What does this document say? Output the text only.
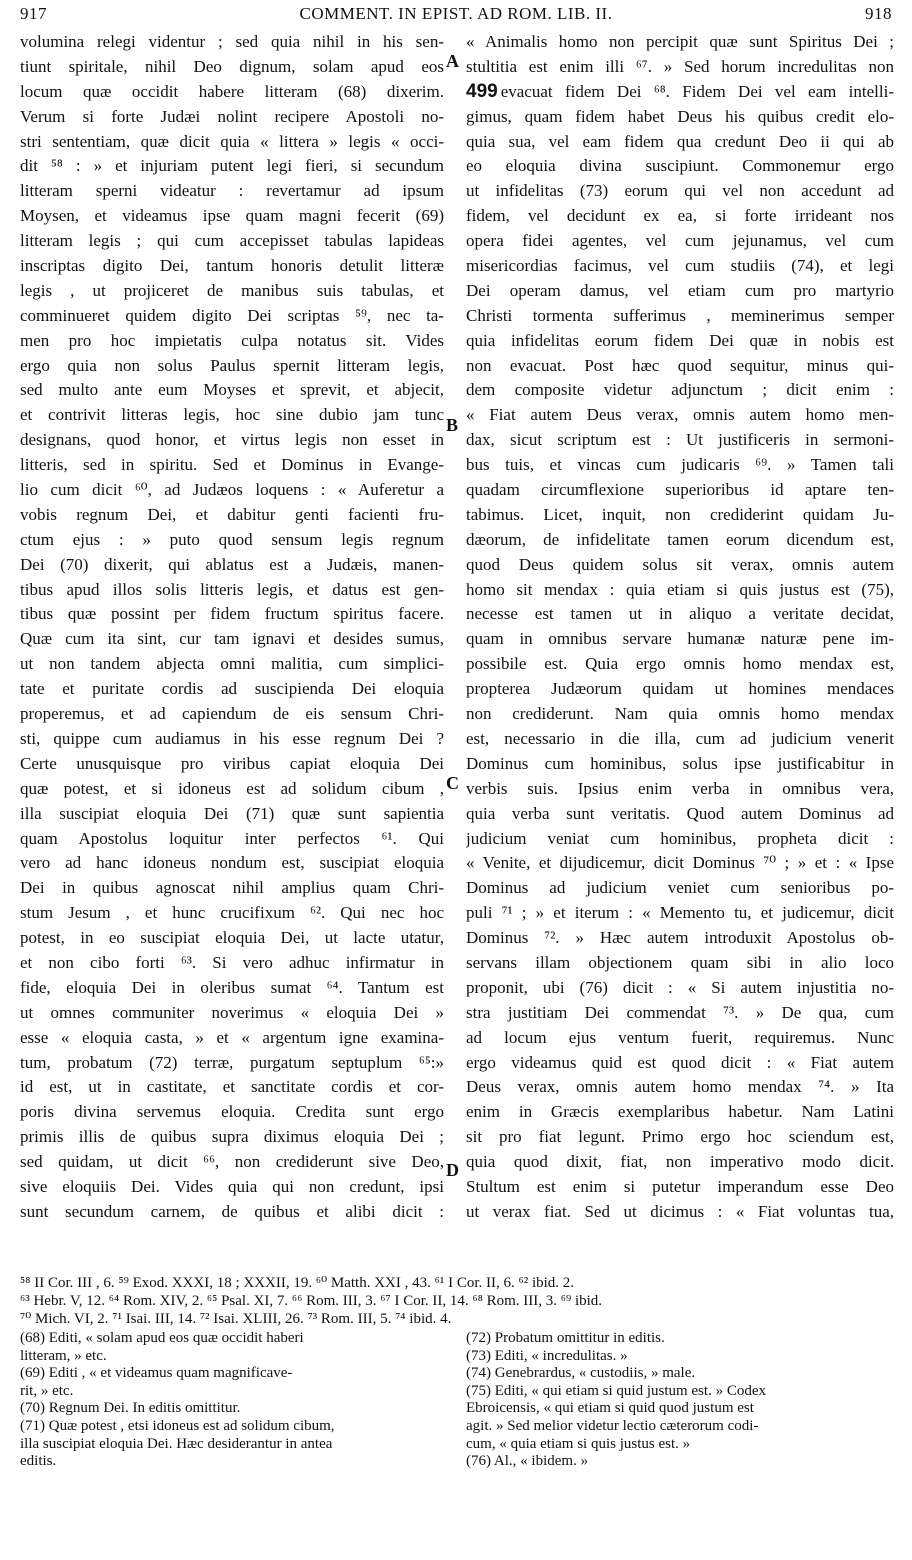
917	COMMENT. IN EPIST. AD ROM. LIB. II.	918
volumina relegi videntur ; sed quia nihil in his sen-
tiunt spiritale, nihil Deo dignum, solam apud eos
locum quæ occidit habere litteram (68) dixerim.
Verum si forte Judæi nolint recipere Apostoli no-
stri sententiam, quæ dicit quia « littera » legis « occi-
dit ⁵⁸ : » et injuriam putent legi fieri, si secundum
litteram sperni videatur : revertamur ad ipsum
Moysen, et videamus ipse quam magni fecerit (69)
litteram legis ; qui cum accepisset tabulas lapideas
inscriptas digito Dei, tantum honoris detulit litteræ
legis , ut projiceret de manibus suis tabulas, et
comminueret quidem digito Dei scriptas ⁵⁹, nec ta-
men pro hoc impietatis culpa notatus sit. Vides
ergo quia non solus Paulus spernit litteram legis,
sed multo ante eum Moyses et sprevit, et abjecit,
et contrivit litteras legis, hoc sine dubio jam tunc
designans, quod honor, et virtus legis non esset in
litteris, sed in spiritu. Sed et Dominus in Evange-
lio cum dicit ⁶⁰, ad Judæos loquens : « Auferetur a
vobis regnum Dei, et dabitur genti facienti fru-
ctum ejus : » puto quod sensum legis regnum
Dei (70) dixerit, qui ablatus est a Judæis, manen-
tibus apud illos solis litteris legis, et datus est gen-
tibus quæ possint per fidem fructum spiritus facere.
Quæ cum ita sint, cur tam ignavi et desides sumus,
ut non tandem abjecta omni malitia, cum simplici-
tate et puritate cordis ad suscipienda Dei eloquia
properemus, et ad capiendum de eis sensum Chri-
sti, quippe cum audiamus in his esse regnum Dei ?
Certe unusquisque pro viribus capiat eloquia Dei
quæ potest, et si idoneus est ad solidum cibum ,
illa suscipiat eloquia Dei (71) quæ sunt sapientia
quam Apostolus loquitur inter perfectos ⁶¹. Qui
vero ad hanc idoneus nondum est, suscipiat eloquia
Dei in quibus agnoscat nihil amplius quam Chri-
stum Jesum , et hunc crucifixum ⁶². Qui nec hoc
potest, in eo suscipiat eloquia Dei, ut lacte utatur,
et non cibo forti ⁶³. Si vero adhuc infirmatur in
fide, eloquia Dei in oleribus sumat ⁶⁴. Tantum est
ut omnes communiter noverimus « eloquia Dei »
esse « eloquia casta, » et « argentum igne examina-
tum, probatum (72) terræ, purgatum septuplum ⁶⁵:»
id est, ut in castitate, et sanctitate cordis et cor-
poris divina servemus eloquia. Credita sunt ergo
primis illis de quibus supra diximus eloquia Dei ;
sed quidam, ut dicit ⁶⁶, non crediderunt sive Deo,
sive eloquiis Dei. Vides quia qui non credunt, ipsi
sunt secundum carnem, de quibus et alibi dicit :
A
B
C
D
« Animalis homo non percipit quæ sunt Spiritus Dei ;
stultitia est enim illi ⁶⁷. » Sed horum incredulitas non
499 evacuat fidem Dei ⁶⁸. Fidem Dei vel eam intelli-
gimus, quam fidem habet Deus his quibus credit elo-
quia sua, vel eam fidem qua credunt Deo ii qui ab
eo eloquia divina suscipiunt. Commonemur ergo
ut infidelitas (73) eorum qui vel non accedunt ad
fidem, vel decidunt ex ea, si forte irrideant nos
opera fidei agentes, vel cum jejunamus, vel cum
misericordias facimus, vel cum studiis (74), et legi
Dei operam damus, vel etiam cum pro martyrio
Christi tormenta sufferimus , meminerimus semper
quia infidelitas eorum fidem Dei quæ in nobis est
non evacuat. Post hæc quod sequitur, minus qui-
dem composite videtur adjunctum ; dicit enim :
« Fiat autem Deus verax, omnis autem homo men-
dax, sicut scriptum est : Ut justificeris in sermoni-
bus tuis, et vincas cum judicaris ⁶⁹. » Tamen tali
quadam circumflexione superioribus id aptare ten-
tabimus. Licet, inquit, non crediderint quidam Ju-
dæorum, de infidelitate tamen eorum dicendum est,
quod Deus quidem solus sit verax, omnis autem
homo sit mendax : quia etiam si quis justus est (75),
necesse est tamen ut in aliquo a veritate decidat,
quam in omnibus servare humanæ naturæ pene im-
possibile est. Quia ergo omnis homo mendax est,
propterea Judæorum quidam ut homines mendaces
non crediderunt. Nam quia omnis homo mendax
est, necessario in die illa, cum ad judicium venerit
Dominus cum hominibus, solus ipse justificabitur in
verbis suis. Ipsius enim verba in omnibus vera,
quia verba sunt veritatis. Quod autem Dominus ad
judicium veniat cum hominibus, propheta dicit :
« Venite, et dijudicemur, dicit Dominus ⁷⁰ ; » et : « Ipse
Dominus ad judicium veniet cum senioribus po-
puli ⁷¹ ; » et iterum : « Memento tu, et judicemur, dicit
Dominus ⁷². » Hæc autem introduxit Apostolus ob-
servans illam objectionem quam sibi in alio loco
proponit, ubi (76) dicit : « Si autem injustitia no-
stra justitiam Dei commendat ⁷³. » De qua, cum
ad locum ejus ventum fuerit, requiremus. Nunc
ergo videamus quid est quod dicit : « Fiat autem
Deus verax, omnis autem homo mendax ⁷⁴. » Ita
enim in Græcis exemplaribus habetur. Nam Latini
sit pro fiat legunt. Primo ergo hoc sciendum est,
quia quod dixit, fiat, non imperativo modo dicit.
Stultum est enim si putetur imperandum esse Deo
ut verax fiat. Sed ut dicimus : « Fiat voluntas tua,
⁵⁸ II Cor. III , 6. ⁵⁹ Exod. XXXI, 18 ; XXXII, 19. ⁶⁰ Matth. XXI , 43. ⁶¹ I Cor. II, 6. ⁶² ibid. 2.
⁶³ Hebr. V, 12. ⁶⁴ Rom. XIV, 2. ⁶⁵ Psal. XI, 7. ⁶⁶ Rom. III, 3. ⁶⁷ I Cor. II, 14. ⁶⁸ Rom. III, 3. ⁶⁹ ibid.
⁷⁰ Mich. VI, 2. ⁷¹ Isai. III, 14. ⁷² Isai. XLIII, 26. ⁷³ Rom. III, 5. ⁷⁴ ibid. 4.
(68) Editi, « solam apud eos quæ occidit haberi
litteram, » etc.
(69) Editi , « et videamus quam magnificave-
rit, » etc.
(70) Regnum Dei. In editis omittitur.
(71) Quæ potest , etsi idoneus est ad solidum cibum,
illa suscipiat eloquia Dei. Hæc desiderantur in antea
editis.
(72) Probatum omittitur in editis.
(73) Editi, « incredulitas. »
(74) Genebrardus, « custodiis, » male.
(75) Editi, « qui etiam si quid justum est. » Codex
Ebroicensis, « qui etiam si quid quod justum est
agit. » Sed melior videtur lectio cæterorum codi-
cum, « quia etiam si quis justus est. »
(76) Al., « ibidem. »
